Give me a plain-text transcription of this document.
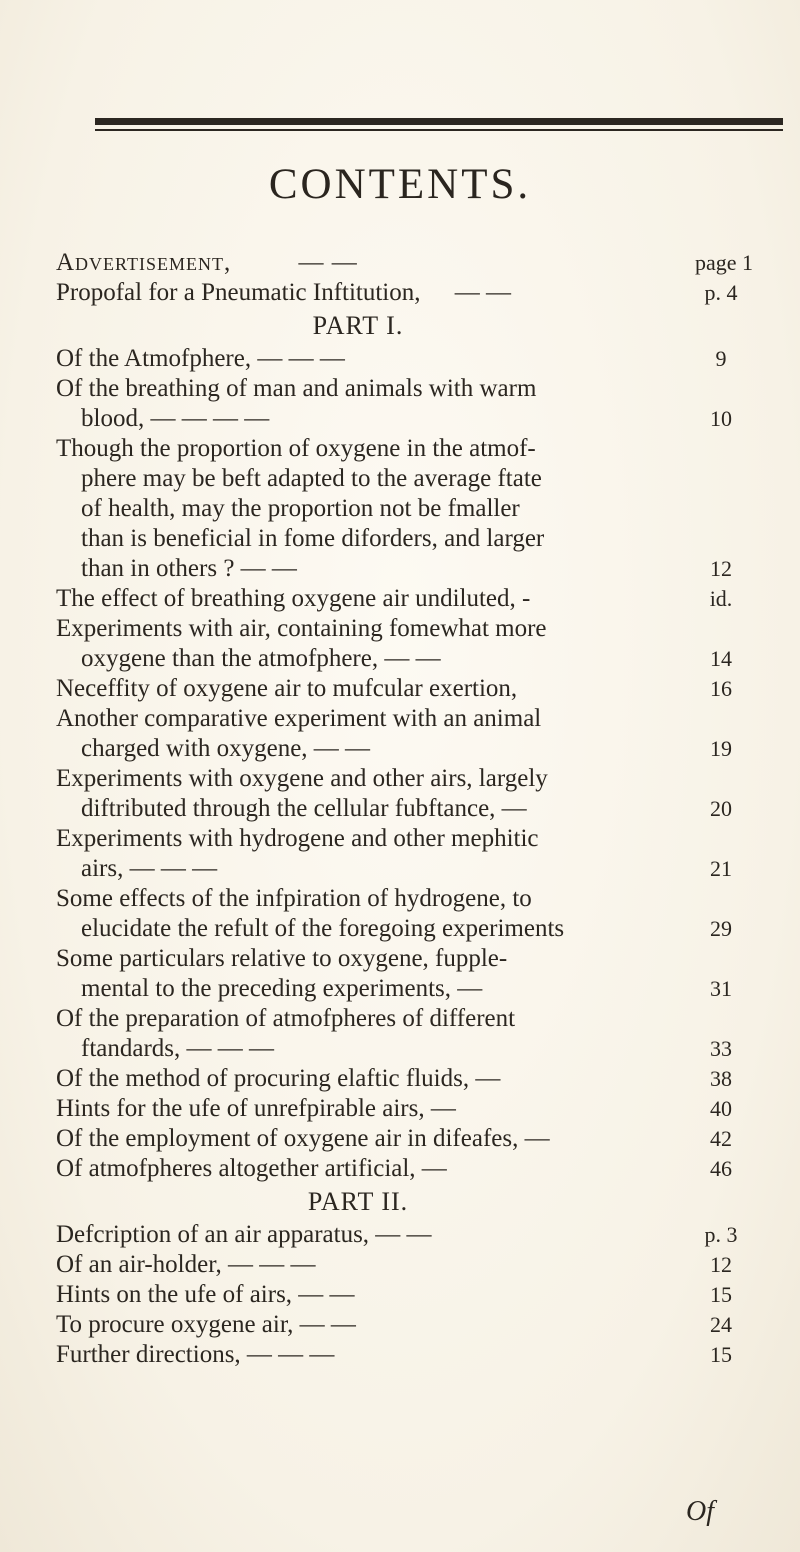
CONTENTS.
Advertisement,	— —	page 1
Propofal for a Pneumatic Inftitution, — —	p. 4
PART I.
Of the Atmofphere, — — —	9
Of the breathing of man and animals with warm
blood, — — — —	10
Though the proportion of oxygene in the atmof-
phere may be beft adapted to the average ftate
of health, may the proportion not be fmaller
than is beneficial in fome diforders, and larger
than in others ? — —	12
The effect of breathing oxygene air undiluted, -	id.
Experiments with air, containing fomewhat more
oxygene than the atmofphere, — —	14
Neceffity of oxygene air to mufcular exertion,	16
Another comparative experiment with an animal
charged with oxygene, — —	19
Experiments with oxygene and other airs, largely
diftributed through the cellular fubftance, —	20
Experiments with hydrogene and other mephitic
airs, — — —	21
Some effects of the infpiration of hydrogene, to
elucidate the refult of the foregoing experiments	29
Some particulars relative to oxygene, fupple-
mental to the preceding experiments, —	31
Of the preparation of atmofpheres of different
ftandards, — — —	33
Of the method of procuring elaftic fluids, —	38
Hints for the ufe of unrefpirable airs, —	40
Of the employment of oxygene air in difeafes, —	42
Of atmofpheres altogether artificial, —	46
PART II.
Defcription of an air apparatus, — —	p. 3
Of an air-holder, — — —	12
Hints on the ufe of airs, — —	15
To procure oxygene air, — —	24
Further directions, — — —	15
Of
